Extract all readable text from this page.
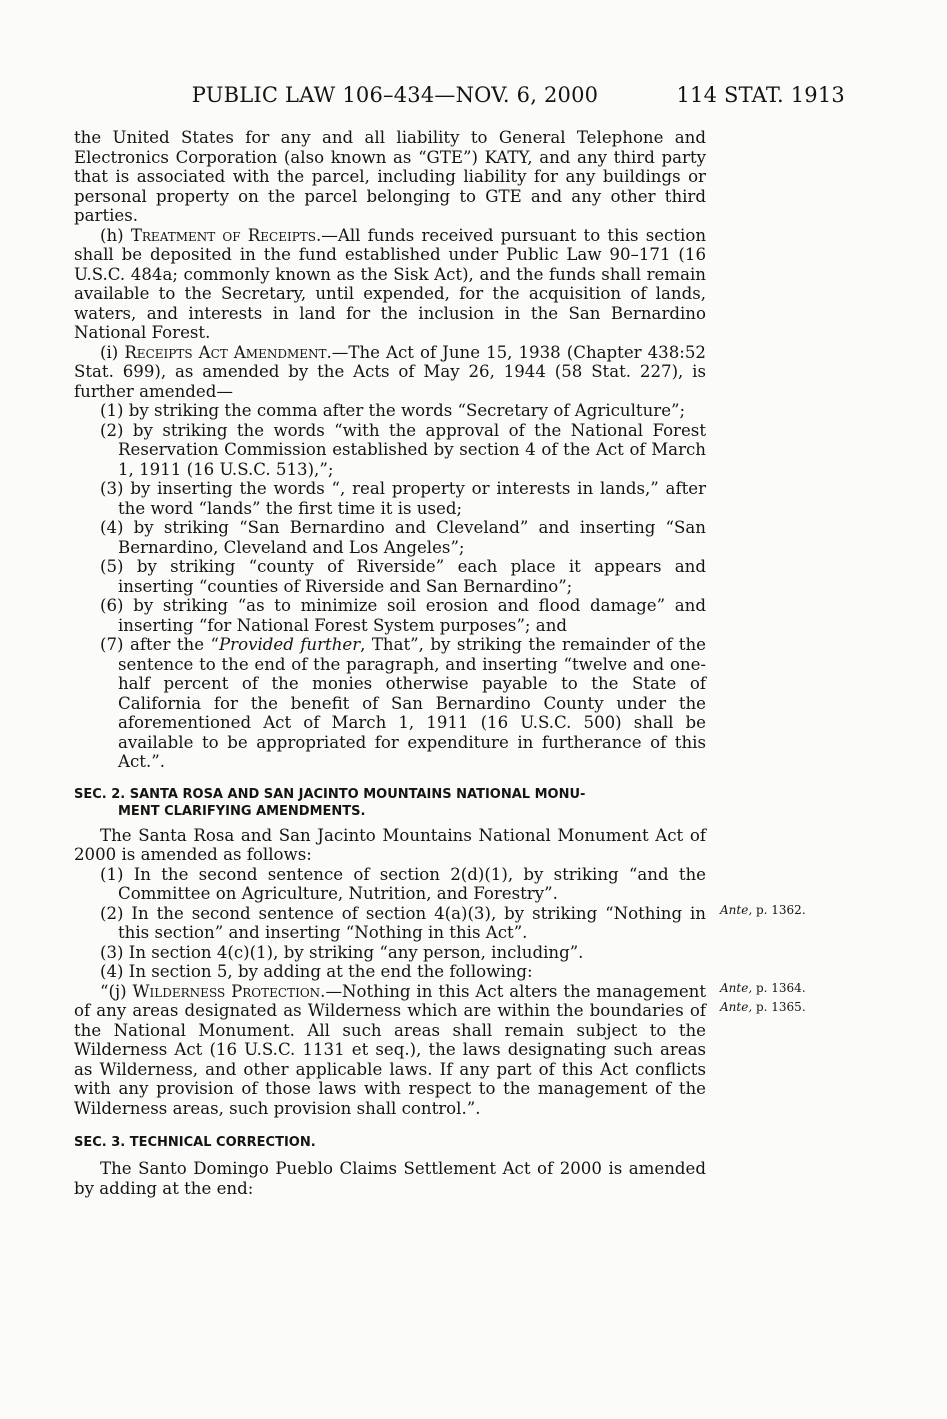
PUBLIC LAW 106–434—NOV. 6, 2000	114 STAT. 1913

the United States for any and all liability to General Telephone and Electronics Corporation (also known as “GTE”) KATY, and any third party that is associated with the parcel, including liability for any buildings or personal property on the parcel belonging to GTE and any other third parties.

(h) Treatment of Receipts.—All funds received pursuant to this section shall be deposited in the fund established under Public Law 90–171 (16 U.S.C. 484a; commonly known as the Sisk Act), and the funds shall remain available to the Secretary, until expended, for the acquisition of lands, waters, and interests in land for the inclusion in the San Bernardino National Forest.

(i) Receipts Act Amendment.—The Act of June 15, 1938 (Chapter 438:52 Stat. 699), as amended by the Acts of May 26, 1944 (58 Stat. 227), is further amended—

(1) by striking the comma after the words “Secretary of Agriculture”;

(2) by striking the words “with the approval of the National Forest Reservation Commission established by section 4 of the Act of March 1, 1911 (16 U.S.C. 513),”;

(3) by inserting the words “, real property or interests in lands,” after the word “lands” the first time it is used;

(4) by striking “San Bernardino and Cleveland” and inserting “San Bernardino, Cleveland and Los Angeles”;

(5) by striking “county of Riverside” each place it appears and inserting “counties of Riverside and San Bernardino”;

(6) by striking “as to minimize soil erosion and flood damage” and inserting “for National Forest System purposes”; and

(7) after the “Provided further, That”, by striking the remainder of the sentence to the end of the paragraph, and inserting “twelve and one-half percent of the monies otherwise payable to the State of California for the benefit of San Bernardino County under the aforementioned Act of March 1, 1911 (16 U.S.C. 500) shall be available to be appropriated for expenditure in furtherance of this Act.”.

SEC. 2. SANTA ROSA AND SAN JACINTO MOUNTAINS NATIONAL MONU-
MENT CLARIFYING AMENDMENTS.

The Santa Rosa and San Jacinto Mountains National Monument Act of 2000 is amended as follows:

(1) In the second sentence of section 2(d)(1), by striking “and the Committee on Agriculture, Nutrition, and Forestry”.

(2) In the second sentence of section 4(a)(3), by striking “Nothing in this section” and inserting “Nothing in this Act”.

(3) In section 4(c)(1), by striking “any person, including”.

(4) In section 5, by adding at the end the following:

“(j) Wilderness Protection.—Nothing in this Act alters the management of any areas designated as Wilderness which are within the boundaries of the National Monument. All such areas shall remain subject to the Wilderness Act (16 U.S.C. 1131 et seq.), the laws designating such areas as Wilderness, and other applicable laws. If any part of this Act conflicts with any provision of those laws with respect to the management of the Wilderness areas, such provision shall control.”.

SEC. 3. TECHNICAL CORRECTION.

The Santo Domingo Pueblo Claims Settlement Act of 2000 is amended by adding at the end:

Ante, p. 1362.
Ante, p. 1364.
Ante, p. 1365.
